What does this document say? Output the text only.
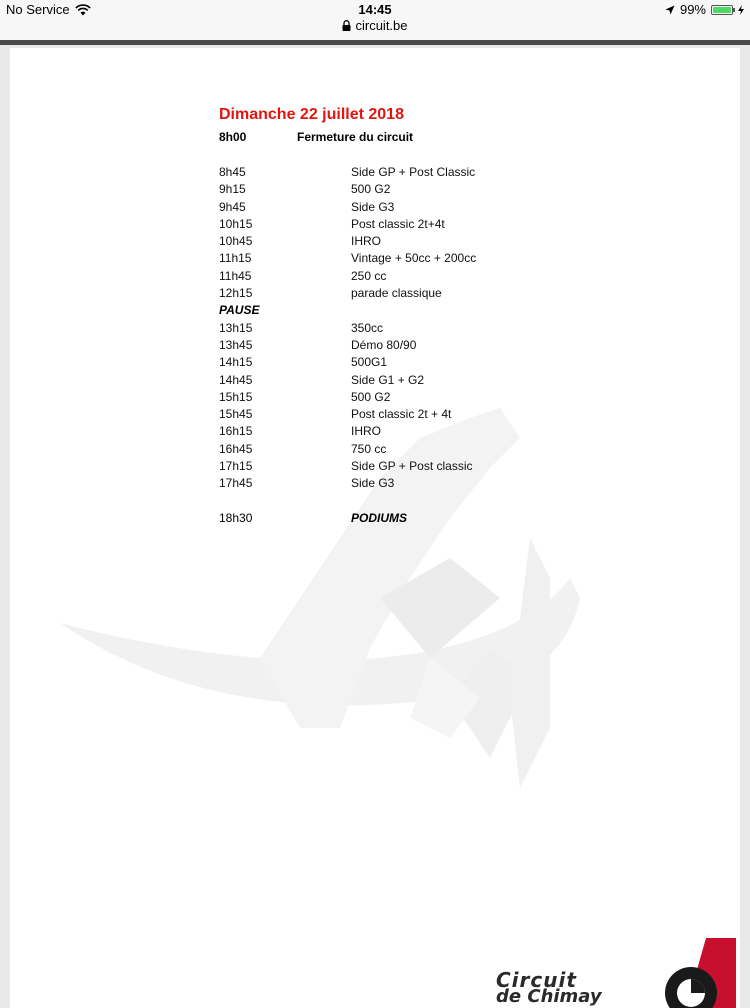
No Service	14:45	99%
circuit.be
Dimanche 22 juillet 2018
8h00	Fermeture du circuit
8h45	Side GP + Post Classic
9h15	500 G2
9h45	Side G3
10h15	Post classic 2t+4t
10h45	IHRO
11h15	Vintage + 50cc + 200cc
11h45	250 cc
12h15	parade classique
PAUSE
13h15	350cc
13h45	Démo 80/90
14h15	500G1
14h45	Side G1 + G2
15h15	500 G2
15h45	Post classic 2t + 4t
16h15	IHRO
16h45	750 cc
17h15	Side GP + Post classic
17h45	Side G3
18h30	PODIUMS
Circuit
de Chimay
